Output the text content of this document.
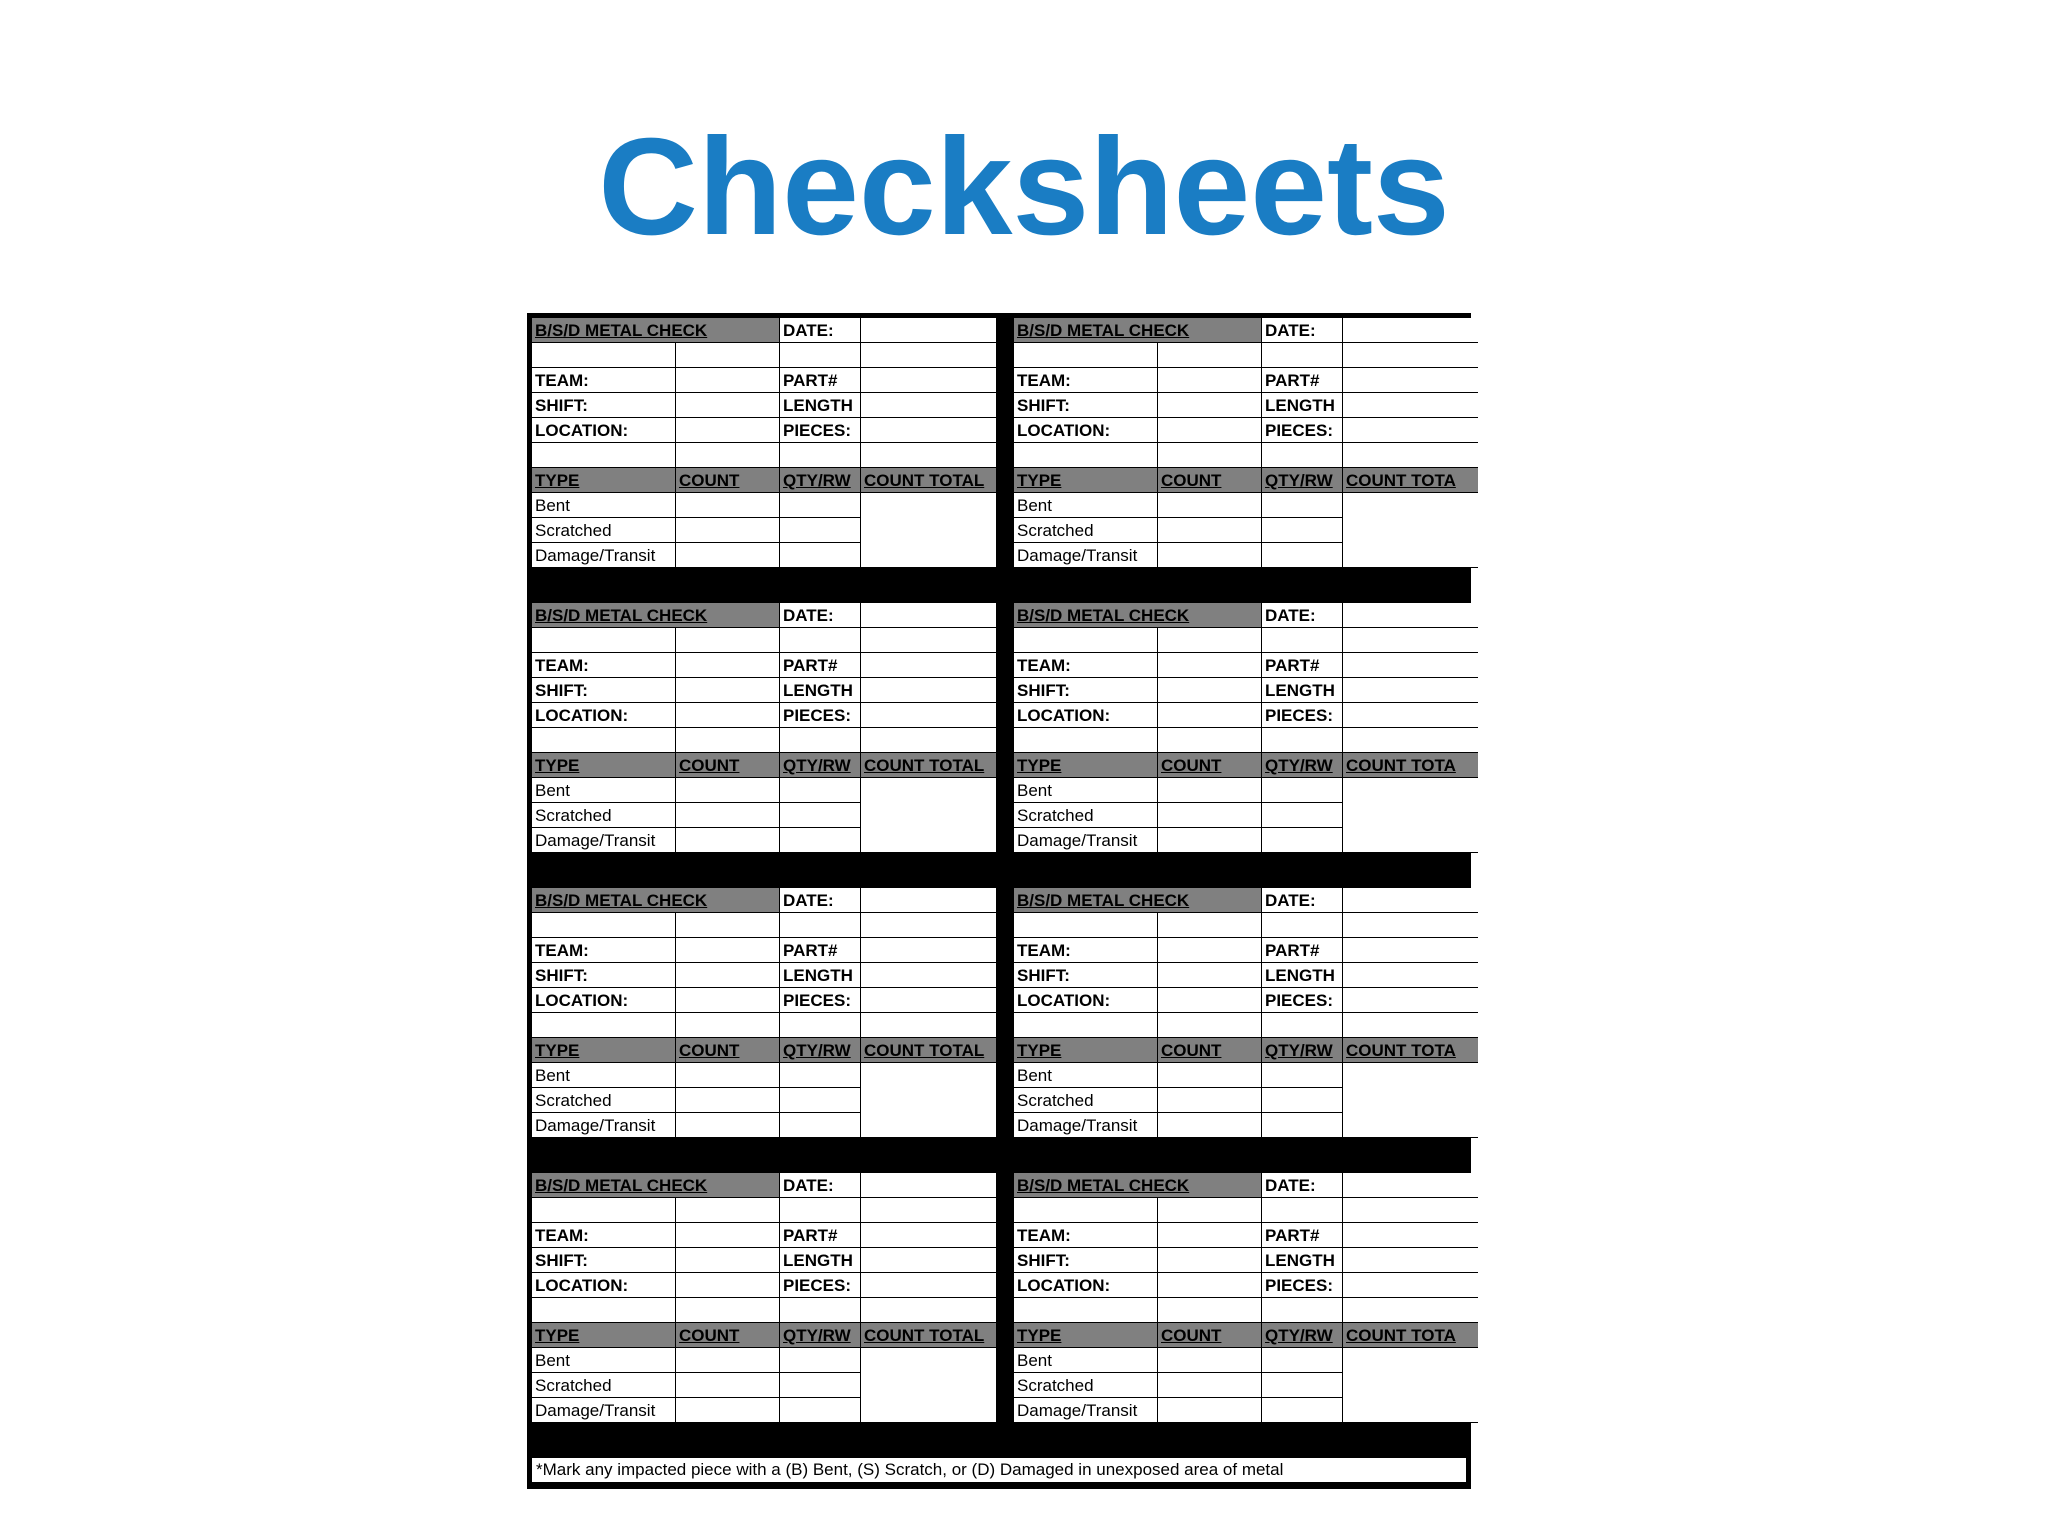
Checksheets
B/S/D METAL CHECK	DATE:
TEAM:	PART#
SHIFT:	LENGTH
LOCATION:	PIECES:
TYPE	COUNT	QTY/RW COUNT TOTAL
Bent
Scratched
Damage/Transit
B/S/D METAL CHECK	DATE:
TEAM:	PART#
SHIFT:	LENGTH
LOCATION:	PIECES:
TYPE	COUNT	QTY/RW COUNT TOTA
Bent
Scratched
Damage/Transit
B/S/D METAL CHECK	DATE:
TEAM:	PART#
SHIFT:	LENGTH
LOCATION:	PIECES:
TYPE	COUNT	QTY/RW COUNT TOTAL
Bent
Scratched
Damage/Transit
B/S/D METAL CHECK	DATE:
TEAM:	PART#
SHIFT:	LENGTH
LOCATION:	PIECES:
TYPE	COUNT	QTY/RW COUNT TOTA
Bent
Scratched
Damage/Transit
B/S/D METAL CHECK	DATE:
TEAM:	PART#
SHIFT:	LENGTH
LOCATION:	PIECES:
TYPE	COUNT	QTY/RW COUNT TOTAL
Bent
Scratched
Damage/Transit
B/S/D METAL CHECK	DATE:
TEAM:	PART#
SHIFT:	LENGTH
LOCATION:	PIECES:
TYPE	COUNT	QTY/RW COUNT TOTA
Bent
Scratched
Damage/Transit
B/S/D METAL CHECK	DATE:
TEAM:	PART#
SHIFT:	LENGTH
LOCATION:	PIECES:
TYPE	COUNT	QTY/RW COUNT TOTAL
Bent
Scratched
Damage/Transit
B/S/D METAL CHECK	DATE:
TEAM:	PART#
SHIFT:	LENGTH
LOCATION:	PIECES:
TYPE	COUNT	QTY/RW COUNT TOTA
Bent
Scratched
Damage/Transit
*Mark any impacted piece with a (B) Bent, (S) Scratch, or (D) Damaged in unexposed area of metal
